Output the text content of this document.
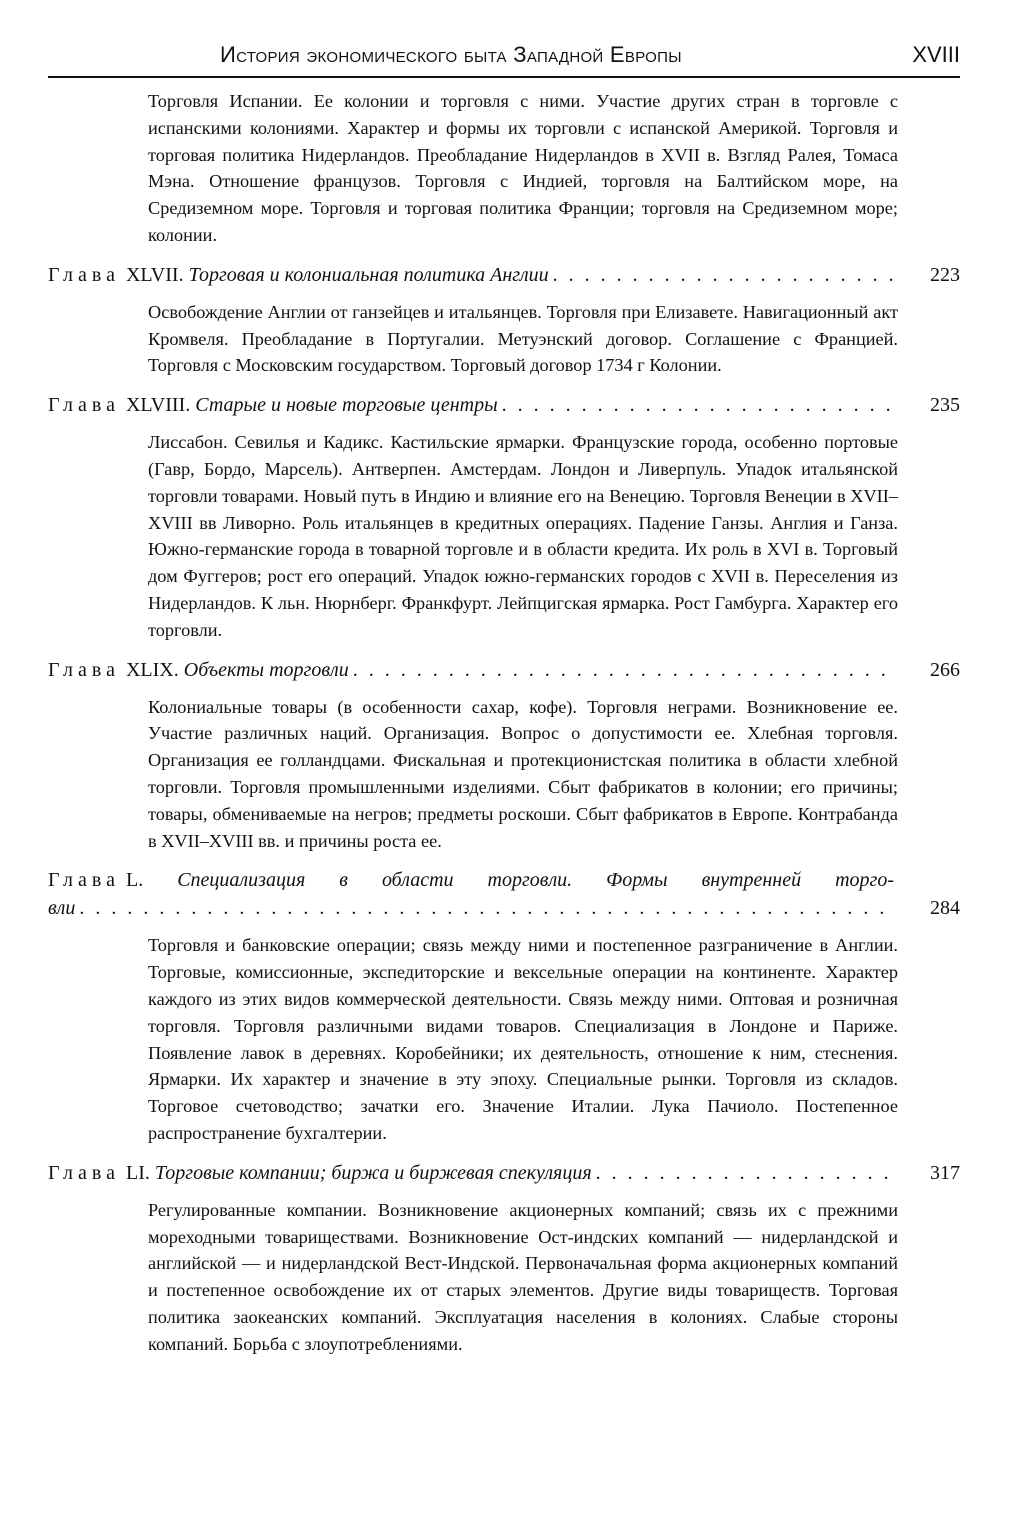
История экономического быта Западной Европы	XVIII

Торговля Испании. Ее колонии и торговля с ними. Участие других стран в торговле с испанскими колониями. Характер и формы их торговли с испанской Америкой. Торговля и торговая политика Нидерландов. Преобладание Нидерландов в XVII в. Взгляд Ралея, Томаса Мэна. Отношение французов. Торговля с Индией, торговля на Балтийском море, на Средиземном море. Торговля и торговая политика Франции; торговля на Средиземном море; колонии.

Глава XLVII. Торговая и колониальная политика Англии . . .	223

Освобождение Англии от ганзейцев и итальянцев. Торговля при Елизавете. Навигационный акт Кромвеля. Преобладание в Португалии. Метуэнский договор. Соглашение с Францией. Торговля с Московским государством. Торговый договор 1734 г Колонии.

Глава XLVIII. Старые и новые торговые центры . . .	235

Лиссабон. Севилья и Кадикс. Кастильские ярмарки. Французские города, особенно портовые (Гавр, Бордо, Марсель). Антверпен. Амстердам. Лондон и Ливерпуль. Упадок итальянской торговли товарами. Новый путь в Индию и влияние его на Венецию. Торговля Венеции в XVII–XVIII вв Ливорно. Роль итальянцев в кредитных операциях. Падение Ганзы. Англия и Ганза. Южно-германские города в товарной торговле и в области кредита. Их роль в XVI в. Торговый дом Фуггеров; рост его операций. Упадок южно-германских городов с XVII в. Переселения из Нидерландов. К льн. Нюрнберг. Франкфурт. Лейпцигская ярмарка. Рост Гамбурга. Характер его торговли.

Глава XLIX. Объекты торговли . . .	266

Колониальные товары (в особенности сахар, кофе). Торговля неграми. Возникновение ее. Участие различных наций. Организация. Вопрос о допустимости ее. Хлебная торговля. Организация ее голландцами. Фискальная и протекционистская политика в области хлебной торговли. Торговля промышленными изделиями. Сбыт фабрикатов в колонии; его причины; товары, обмениваемые на негров; предметы роскоши. Сбыт фабрикатов в Европе. Контрабанда в XVII–XVIII вв. и причины роста ее.

Глава L. Специализация в области торговли. Формы внутренней торго-
вли . . .	284

Торговля и банковские операции; связь между ними и постепенное разграничение в Англии. Торговые, комиссионные, экспедиторские и вексельные операции на континенте. Характер каждого из этих видов коммерческой деятельности. Связь между ними. Оптовая и розничная торговля. Торговля различными видами товаров. Специализация в Лондоне и Париже. Появление лавок в деревнях. Коробейники; их деятельность, отношение к ним, стеснения. Ярмарки. Их характер и значение в эту эпоху. Специальные рынки. Торговля из складов. Торговое счетоводство; зачатки его. Значение Италии. Лука Пачиоло. Постепенное распространение бухгалтерии.

Глава LI. Торговые компании; биржа и биржевая спекуляция . . .	317

Регулированные компании. Возникновение акционерных компаний; связь их с прежними мореходными товариществами. Возникновение Ост-индских компаний — нидерландской и английской — и нидерландской Вест-Индской. Первоначальная форма акционерных компаний и постепенное освобождение их от старых элементов. Другие виды товариществ. Торговая политика заокеанских компаний. Эксплуатация населения в колониях. Слабые стороны компаний. Борьба с злоупотреблениями.
